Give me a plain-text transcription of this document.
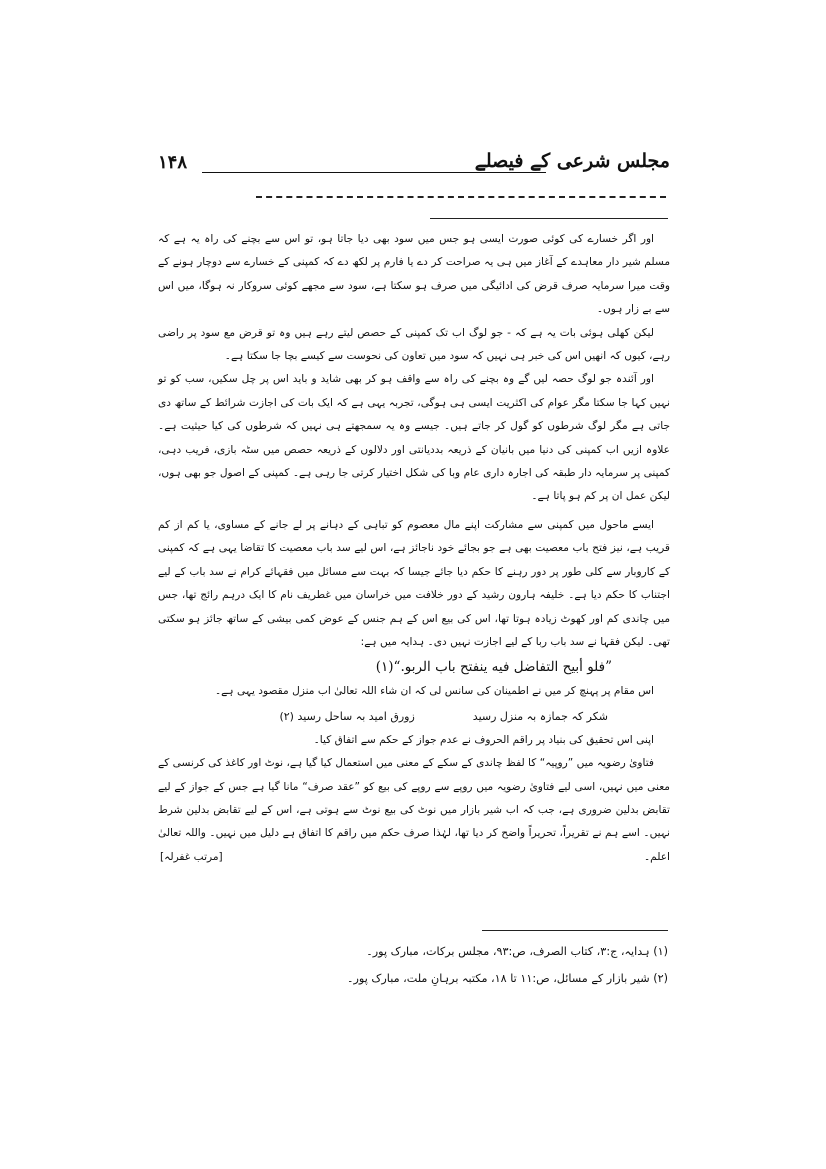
مجلس شرعی کے فیصلے
۱۴۸

اور اگر خسارے کی کوئی صورت ایسی ہو جس میں سود بھی دیا جاتا ہو، تو اس سے بچنے کی راہ یہ ہے کہ مسلم شیر دار معاہدے کے آغاز میں ہی یہ صراحت کر دے یا فارم پر لکھ دے کہ کمپنی کے خسارے سے دوچار ہونے کے وقت میرا سرمایہ صرف قرض کی ادائیگی میں صرف ہو سکتا ہے، سود سے مجھے کوئی سروکار نہ ہوگا، میں اس سے بے زار ہوں۔

لیکن کھلی ہوئی بات یہ ہے کہ - جو لوگ اب تک کمپنی کے حصص لیتے رہے ہیں وہ تو قرض مع سود پر راضی رہے، کیوں کہ انھیں اس کی خبر ہی نہیں کہ سود میں تعاون کی نحوست سے کیسے بچا جا سکتا ہے۔

اور آئندہ جو لوگ حصہ لیں گے وہ بچنے کی راہ سے واقف ہو کر بھی شاید و باید اس پر چل سکیں، سب کو تو نہیں کہا جا سکتا مگر عوام کی اکثریت ایسی ہی ہوگی، تجربہ یہی ہے کہ ایک بات کی اجازت شرائط کے ساتھ دی جاتی ہے مگر لوگ شرطوں کو گول کر جاتے ہیں۔ جیسے وہ یہ سمجھتے ہی نہیں کہ شرطوں کی کیا حیثیت ہے۔ علاوہ ازیں اب کمپنی کی دنیا میں بانیان کے ذریعہ بددیانتی اور دلالوں کے ذریعہ حصص میں سٹہ بازی، فریب دہی، کمپنی پر سرمایہ دار طبقہ کی اجارہ داری عام وبا کی شکل اختیار کرتی جا رہی ہے۔ کمپنی کے اصول جو بھی ہوں، لیکن عمل ان پر کم ہو پاتا ہے۔

ایسے ماحول میں کمپنی سے مشارکت اپنے مال معصوم کو تباہی کے دہانے پر لے جانے کے مساوی، یا کم از کم قریب ہے، نیز فتح باب معصیت بھی ہے جو بجائے خود ناجائز ہے، اس لیے سد باب معصیت کا تقاضا یہی ہے کہ کمپنی کے کاروبار سے کلی طور پر دور رہنے کا حکم دیا جائے جیسا کہ بہت سے مسائل میں فقہائے کرام نے سد باب کے لیے اجتناب کا حکم دیا ہے۔ خلیفہ ہارون رشید کے دور خلافت میں خراسان میں غطریف نام کا ایک درہم رائج تھا، جس میں چاندی کم اور کھوٹ زیادہ ہوتا تھا، اس کی بیع اس کے ہم جنس کے عوض کمی بیشی کے ساتھ جائز ہو سکتی تھی۔ لیکن فقہا نے سد باب ربا کے لیے اجازت نہیں دی۔ ہدایہ میں ہے:

”فلو أبيح التفاضل فيه ينفتح باب الربو.“(۱)

اس مقام پر پہنچ کر میں نے اطمینان کی سانس لی کہ ان شاء اللہ تعالیٰ اب منزل مقصود یہی ہے۔

شکر کہ جمازہ بہ منزل رسید
زورق امید بہ ساحل رسید (۲)

اپنی اس تحقیق کی بنیاد پر راقم الحروف نے عدم جواز کے حکم سے اتفاق کیا۔

فتاویٰ رضویہ میں ”روپیہ“ کا لفظ چاندی کے سکے کے معنی میں استعمال کیا گیا ہے، نوٹ اور کاغذ کی کرنسی کے معنی میں نہیں، اسی لیے فتاویٰ رضویہ میں روپے سے روپے کی بیع کو ”عقد صرف“ مانا گیا ہے جس کے جواز کے لیے تقابض بدلین ضروری ہے، جب کہ اب شیر بازار میں نوٹ کی بیع نوٹ سے ہوتی ہے، اس کے لیے تقابض بدلین شرط نہیں۔ اسے ہم نے تقریراً، تحریراً واضح کر دیا تھا، لہٰذا صرف حکم میں راقم کا اتفاق ہے دلیل میں نہیں۔ واللہ تعالیٰ اعلم۔
[مرتب غفرلہ]

(۱) ہدایہ، ج:۳، کتاب الصرف، ص:۹۳، مجلس برکات، مبارک پور۔

(۲) شیر بازار کے مسائل، ص:۱۱ تا ۱۸، مکتبہ برہانِ ملت، مبارک پور۔
